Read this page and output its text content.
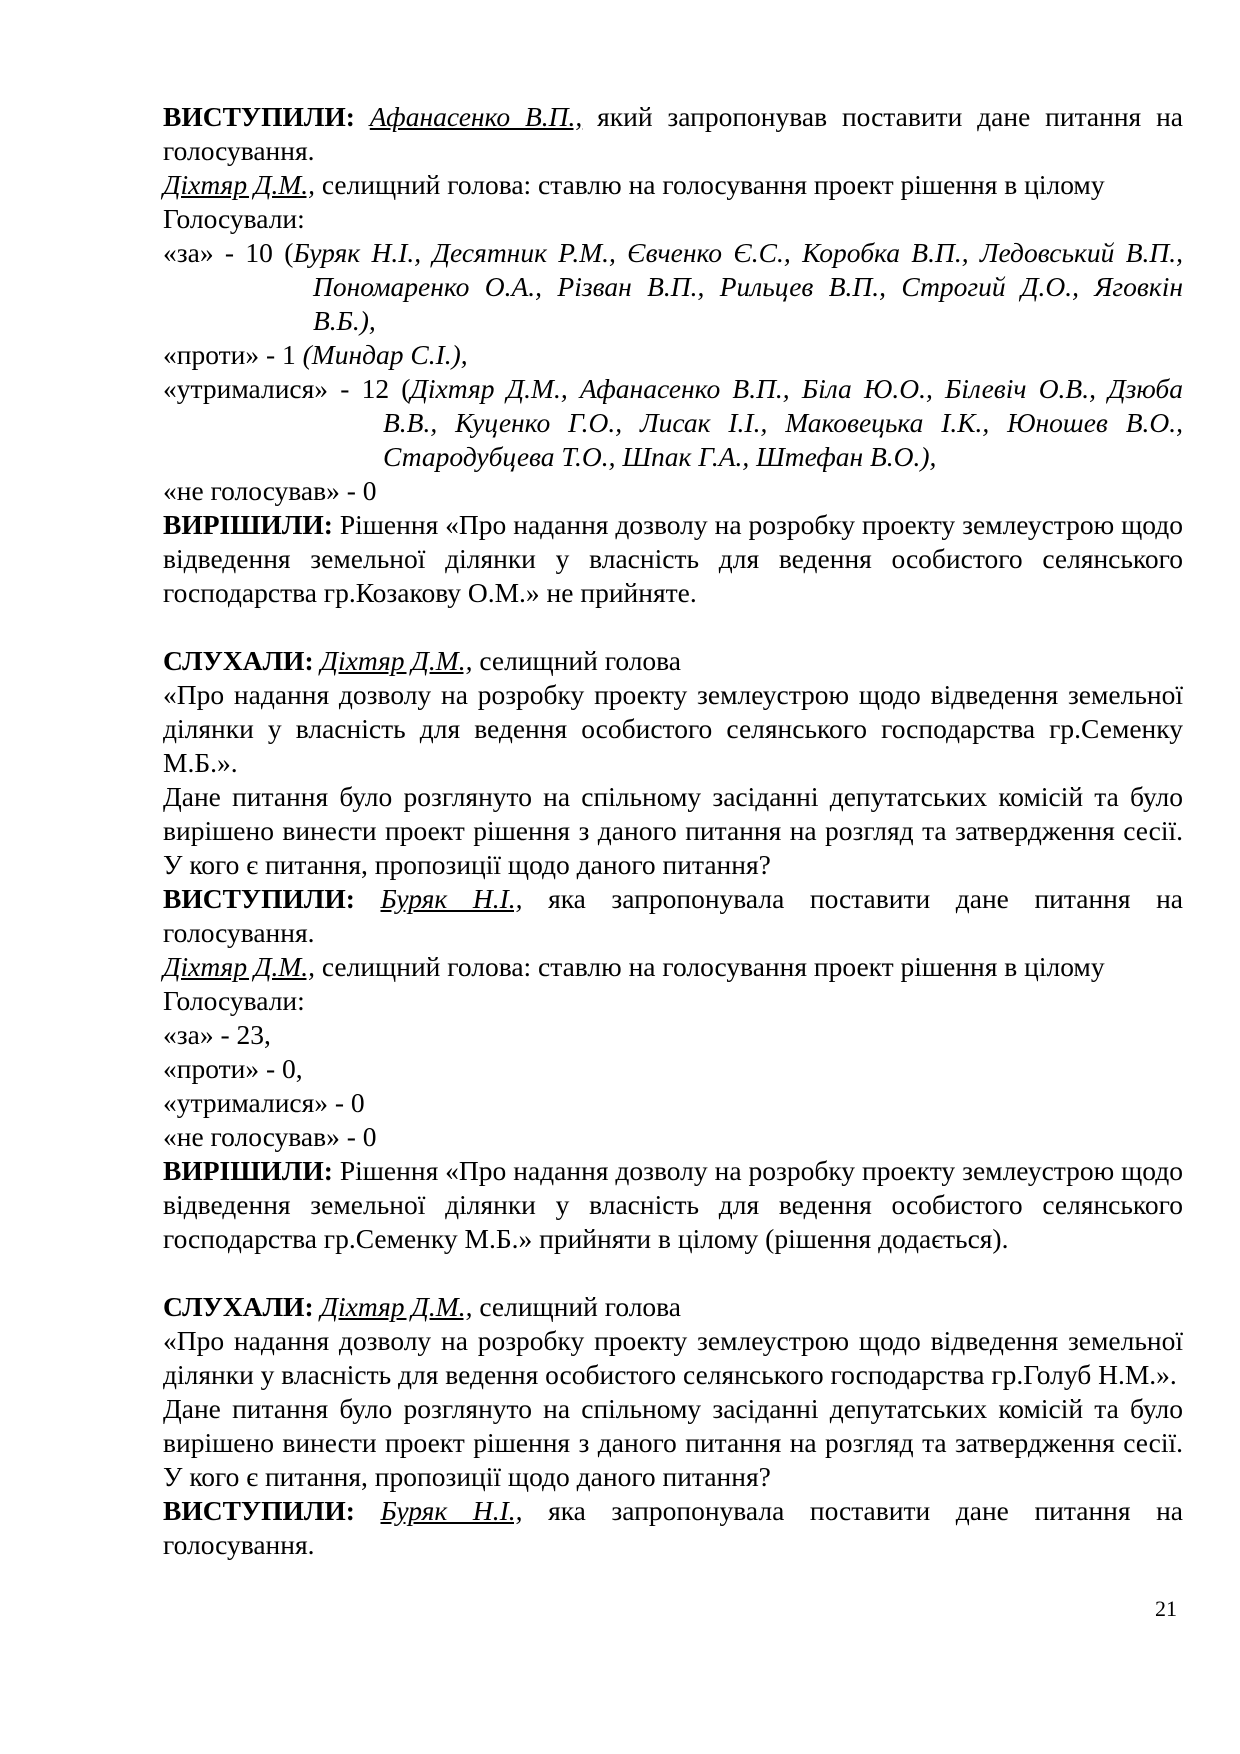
ВИСТУПИЛИ: Афанасенко В.П., який запропонував поставити дане питання на голосування.

Діхтяр Д.М., селищний голова: ставлю на голосування проект рішення в цілому

Голосували:

«за» - 10 (Буряк Н.І., Десятник Р.М., Євченко Є.С., Коробка В.П., Ледовський В.П., Пономаренко О.А., Різван В.П., Рильцев В.П., Строгий Д.О., Яговкін В.Б.),

«проти» - 1 (Миндар С.І.),

«утрималися» - 12 (Діхтяр Д.М., Афанасенко В.П., Біла Ю.О., Білевіч О.В., Дзюба В.В., Куценко Г.О., Лисак І.І., Маковецька І.К., Юношев В.О., Стародубцева Т.О., Шпак Г.А., Штефан В.О.),

«не голосував» - 0

ВИРІШИЛИ: Рішення «Про надання дозволу на розробку проекту землеустрою щодо відведення земельної ділянки у власність для ведення особистого селянського господарства гр.Козакову О.М.» не прийняте.

СЛУХАЛИ: Діхтяр Д.М., селищний голова

«Про надання дозволу на розробку проекту землеустрою щодо відведення земельної ділянки у власність для ведення особистого селянського господарства гр.Семенку М.Б.».

Дане питання було розглянуто на спільному засіданні депутатських комісій та було вирішено винести проект рішення з даного питання на розгляд та затвердження сесії. У кого є питання, пропозиції щодо даного питання?

ВИСТУПИЛИ: Буряк Н.І., яка запропонувала поставити дане питання на голосування.

Діхтяр Д.М., селищний голова: ставлю на голосування проект рішення в цілому

Голосували:

«за» - 23,

«проти» - 0,

«утрималися» - 0

«не голосував» - 0

ВИРІШИЛИ: Рішення «Про надання дозволу на розробку проекту землеустрою щодо відведення земельної ділянки у власність для ведення особистого селянського господарства гр.Семенку М.Б.» прийняти в цілому (рішення додається).

СЛУХАЛИ: Діхтяр Д.М., селищний голова

«Про надання дозволу на розробку проекту землеустрою щодо відведення земельної ділянки у власність для ведення особистого селянського господарства гр.Голуб Н.М.».

Дане питання було розглянуто на спільному засіданні депутатських комісій та було вирішено винести проект рішення з даного питання на розгляд та затвердження сесії. У кого є питання, пропозиції щодо даного питання?

ВИСТУПИЛИ: Буряк Н.І., яка запропонувала поставити дане питання на голосування.

21
